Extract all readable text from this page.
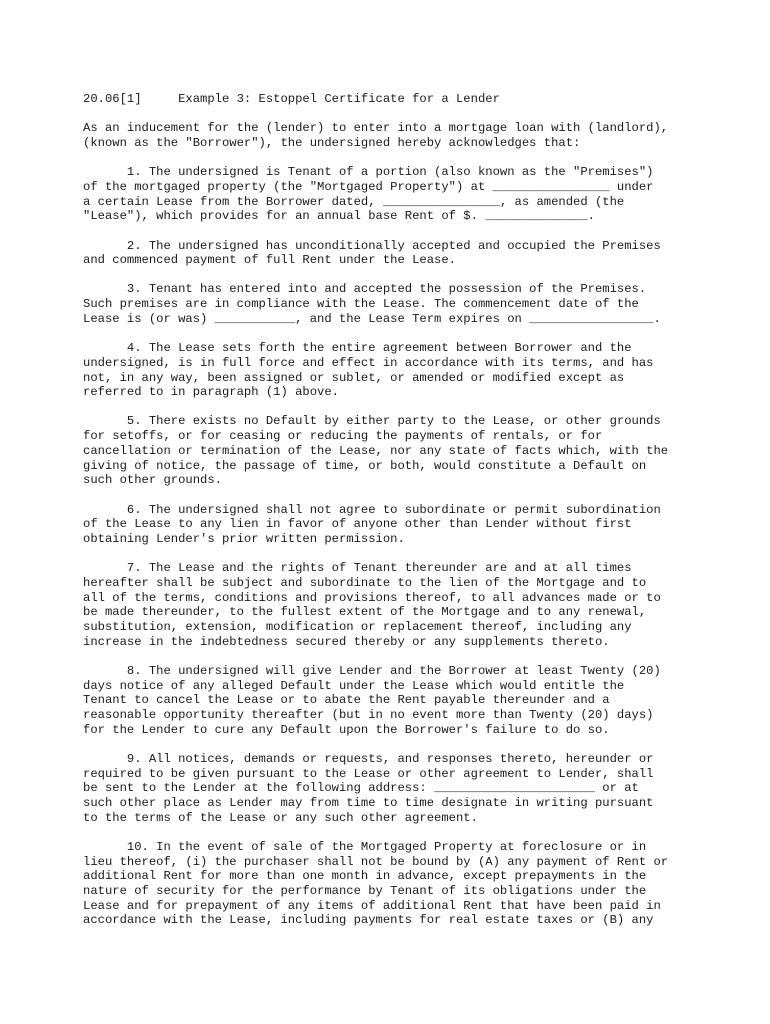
20.06[1]     Example 3: Estoppel Certificate for a Lender
As an inducement for the (lender) to enter into a mortgage loan with (landlord),
(known as the "Borrower"), the undersigned hereby acknowledges that:
1. The undersigned is Tenant of a portion (also known as the "Premises")
of the mortgaged property (the "Mortgaged Property") at ________________ under
a certain Lease from the Borrower dated, ________________, as amended (the
"Lease"), which provides for an annual base Rent of $. ______________.
2. The undersigned has unconditionally accepted and occupied the Premises
and commenced payment of full Rent under the Lease.
3. Tenant has entered into and accepted the possession of the Premises.
Such premises are in compliance with the Lease. The commencement date of the
Lease is (or was) ___________, and the Lease Term expires on _________________.
4. The Lease sets forth the entire agreement between Borrower and the
undersigned, is in full force and effect in accordance with its terms, and has
not, in any way, been assigned or sublet, or amended or modified except as
referred to in paragraph (1) above.
5. There exists no Default by either party to the Lease, or other grounds
for setoffs, or for ceasing or reducing the payments of rentals, or for
cancellation or termination of the Lease, nor any state of facts which, with the
giving of notice, the passage of time, or both, would constitute a Default on
such other grounds.
6. The undersigned shall not agree to subordinate or permit subordination
of the Lease to any lien in favor of anyone other than Lender without first
obtaining Lender's prior written permission.
7. The Lease and the rights of Tenant thereunder are and at all times
hereafter shall be subject and subordinate to the lien of the Mortgage and to
all of the terms, conditions and provisions thereof, to all advances made or to
be made thereunder, to the fullest extent of the Mortgage and to any renewal,
substitution, extension, modification or replacement thereof, including any
increase in the indebtedness secured thereby or any supplements thereto.
8. The undersigned will give Lender and the Borrower at least Twenty (20)
days notice of any alleged Default under the Lease which would entitle the
Tenant to cancel the Lease or to abate the Rent payable thereunder and a
reasonable opportunity thereafter (but in no event more than Twenty (20) days)
for the Lender to cure any Default upon the Borrower's failure to do so.
9. All notices, demands or requests, and responses thereto, hereunder or
required to be given pursuant to the Lease or other agreement to Lender, shall
be sent to the Lender at the following address: ______________________ or at
such other place as Lender may from time to time designate in writing pursuant
to the terms of the Lease or any such other agreement.
10. In the event of sale of the Mortgaged Property at foreclosure or in
lieu thereof, (i) the purchaser shall not be bound by (A) any payment of Rent or
additional Rent for more than one month in advance, except prepayments in the
nature of security for the performance by Tenant of its obligations under the
Lease and for prepayment of any items of additional Rent that have been paid in
accordance with the Lease, including payments for real estate taxes or (B) any
